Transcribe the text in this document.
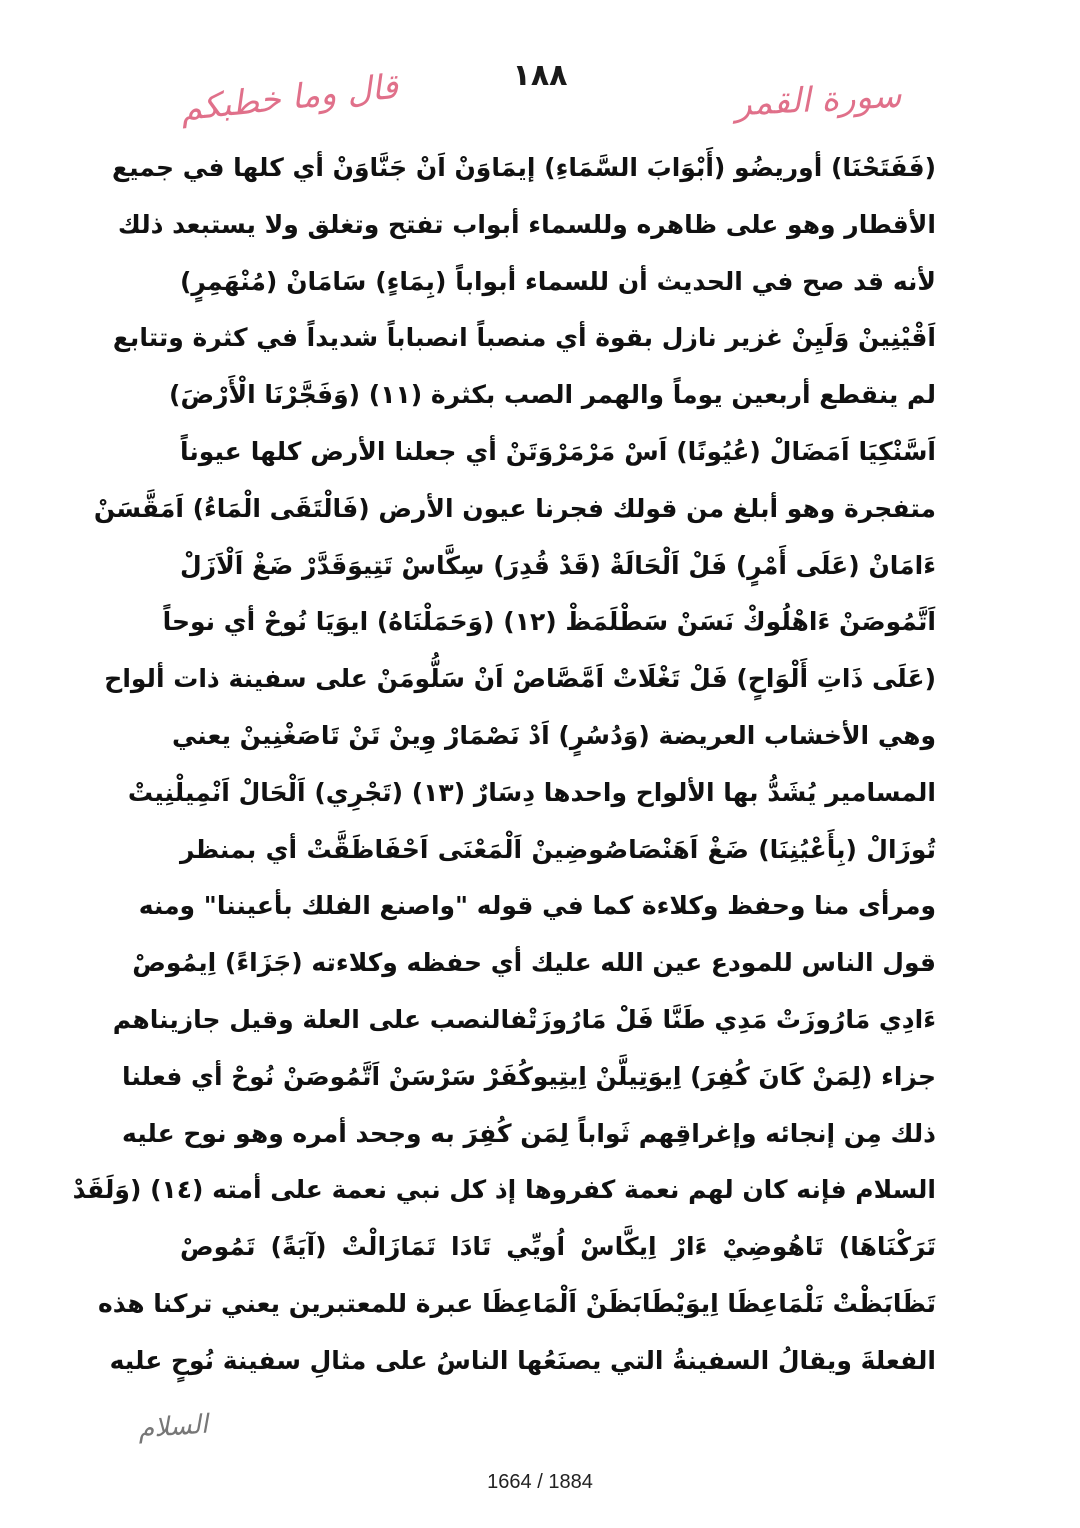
١٨٨
قال وما خطبكم	سورة القمر
(فَفَتَحْنَا) أوريضُو (أَبْوَابَ السَّمَاءِ) إيمَاوَنْ اَنْ جَنَّاوَنْ أي كلها في جميع
الأقطار وهو على ظاهره وللسماء أبواب تفتح وتغلق ولا يستبعد ذلك
لأنه قد صح في الحديث أن للسماء أبواباً (بِمَاءٍ) سَامَانْ (مُنْهَمِرٍ)
اَقْيْنِينْ وَلَيِنْ غزير نازل بقوة أي منصباً انصباباً شديداً في كثرة وتتابع
لم ينقطع أربعين يوماً والهمر الصب بكثرة (١١) (وَفَجَّرْنَا الْأَرْضَ)
اَسَّنْكِيَا اَمَضَالْ (عُيُونًا) اَسْ مَرْمَرْوَتَنْ أي جعلنا الأرض كلها عيوناً
متفجرة وهو أبلغ من قولك فجرنا عيون الأرض (فَالْتَقَى الْمَاءُ) اَمَقَّسَنْ
ءَامَانْ (عَلَى أَمْرٍ) فَلْ اَلْحَالَةْ (قَدْ قُدِرَ) سِكَّاسْ تَتِيوَقَدَّرْ ضَغْ اَلْاَزَلْ
اَتَّمُوصَنْ ءَاهْلُوكْ نَسَنْ سَطْلَمَظْ (١٢) (وَحَمَلْنَاهُ) ايوَيَا نُوحْ أي نوحاً
(عَلَى ذَاتِ أَلْوَاحٍ) فَلْ تَغْلَاتْ اَمَّصَّاصْ اَنْ سَلُّومَنْ على سفينة ذات ألواح
وهي الأخشاب العريضة (وَدُسُرٍ) اَدْ نَصْمَارْ وِينْ تَنْ تَاصَغْنِينْ يعني
المسامير يُشَدُّ بها الألواح واحدها دِسَارٌ (١٣) (تَجْرِي) اَلْحَالْ اَنْمِيلْنِيتْ
تُوزَالْ (بِأَعْيُنِنَا) ضَغْ اَهَنْصَاصُوضِينْ اَلْمَعْنَى اَحْفَاظَقَّتْ أي بمنظر
ومرأى منا وحفظ وكلاءة كما في قوله "واصنع الفلك بأعيننا" ومنه
قول الناس للمودع عين الله عليك أي حفظه وكلاءته (جَزَاءً) اِيمُوصْ
ءَادِي مَارُوزَتْ مَدِي طَنَّا فَلْ مَارُوزَتْفالنصب على العلة وقيل جازيناهم
جزاء (لِمَنْ كَانَ كُفِرَ) اِيوَتِيلَّنْ اِيتِيوكُفَرْ سَرْسَنْ اَتَّمُوصَنْ نُوحْ أي فعلنا
ذلك مِن إنجائه وإغراقِهم ثَواباً لِمَن كُفِرَ به وجحد أمره وهو نوح عليه
السلام فإنه كان لهم نعمة كفروها إذ كل نبي نعمة على أمته (١٤) (وَلَقَدْ
تَرَكْنَاهَا) تَاهُوضِيْ ءَارْ اِيكَّاسْ اُويِّي تَادَا تَمَازَالْتْ (آيَةً) تَمُوصْ
تَظَابَظْتْ نَلْمَاعِظَا اِيوَيْطَابَظَنْ اَلْمَاعِظَا عبرة للمعتبرين يعني تركنا هذه
الفعلةَ ويقالُ السفينةُ التي يصنَعُها الناسُ على مثالِ سفينة نُوحٍ عليه
السلام
1664 / 1884
